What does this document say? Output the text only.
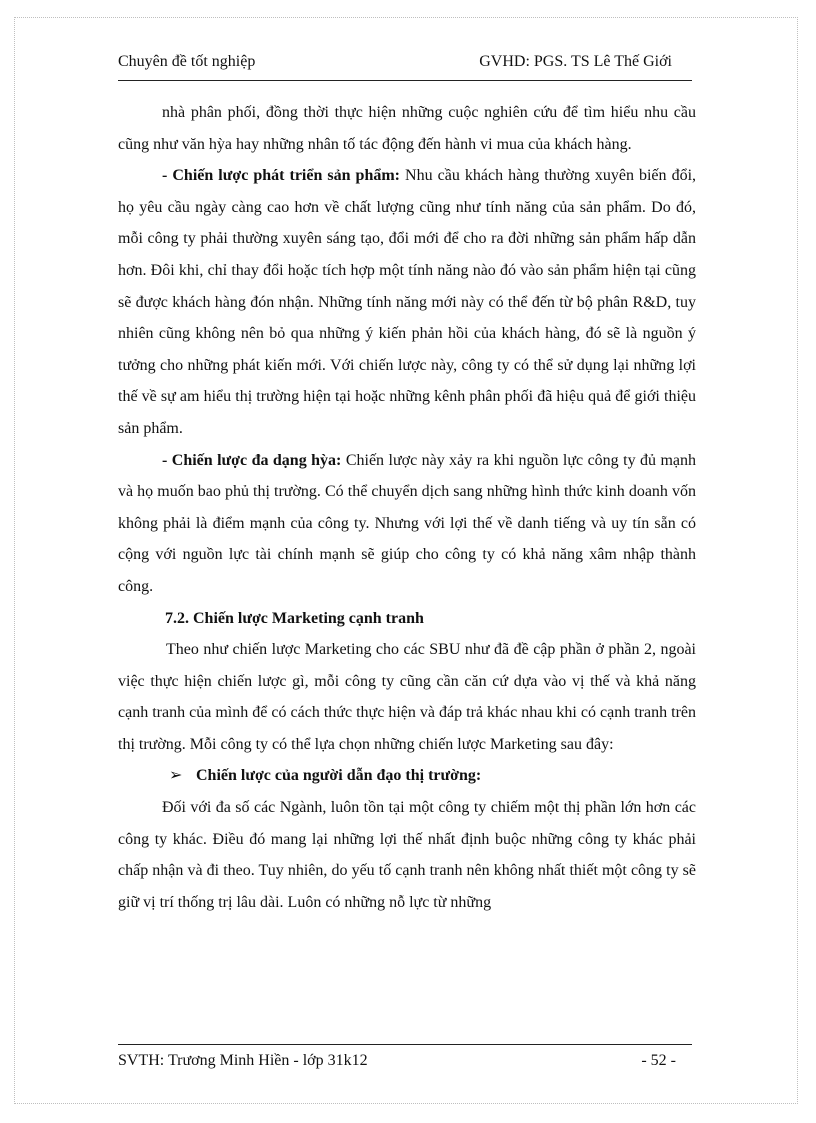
Chuyên đề tốt nghiệp	GVHD: PGS. TS Lê Thế Giới

nhà phân phối, đồng thời thực hiện những cuộc nghiên cứu để tìm hiểu nhu cầu cũng như văn hỳa hay những nhân tố tác động đến hành vi mua của khách hàng.

- Chiến lược phát triển sản phẩm: Nhu cầu khách hàng thường xuyên biến đổi, họ yêu cầu ngày càng cao hơn về chất lượng cũng như tính năng của sản phẩm. Do đó, mỗi công ty phải thường xuyên sáng tạo, đổi mới để cho ra đời những sản phẩm hấp dẫn hơn. Đôi khi, chỉ thay đổi hoặc tích hợp một tính năng nào đó vào sản phẩm hiện tại cũng sẽ được khách hàng đón nhận. Những tính năng mới này có thể đến từ bộ phân R&D, tuy nhiên cũng không nên bỏ qua những ý kiến phản hồi của khách hàng, đó sẽ là nguồn ý tưởng cho những phát kiến mới. Với chiến lược này, công ty có thể sử dụng lại những lợi thế về sự am hiểu thị trường hiện tại hoặc những kênh phân phối đã hiệu quả để giới thiệu sản phẩm.

- Chiến lược đa dạng hỳa: Chiến lược này xảy ra khi nguồn lực công ty đủ mạnh và họ muốn bao phủ thị trường. Có thể chuyển dịch sang những hình thức kinh doanh vốn không phải là điểm mạnh của công ty. Nhưng với lợi thế về danh tiếng và uy tín sẵn có cộng với nguồn lực tài chính mạnh sẽ giúp cho công ty có khả năng xâm nhập thành công.

7.2. Chiến lược Marketing cạnh tranh

Theo như chiến lược Marketing cho các SBU như đã đề cập phần ở phần 2, ngoài việc thực hiện chiến lược gì, mỗi công ty cũng cần căn cứ dựa vào vị thế và khả năng cạnh tranh của mình để có cách thức thực hiện và đáp trả khác nhau khi có cạnh tranh trên thị trường. Mỗi công ty có thể lựa chọn những chiến lược Marketing sau đây:

➢ Chiến lược của người dẫn đạo thị trường:

Đối với đa số các Ngành, luôn tồn tại một công ty chiếm một thị phần lớn hơn các công ty khác. Điều đó mang lại những lợi thế nhất định buộc những công ty khác phải chấp nhận và đi theo. Tuy nhiên, do yếu tố cạnh tranh nên không nhất thiết một công ty sẽ giữ vị trí thống trị lâu dài. Luôn có những nỗ lực từ những

SVTH: Trương Minh Hiền - lớp 31k12	- 52 -
